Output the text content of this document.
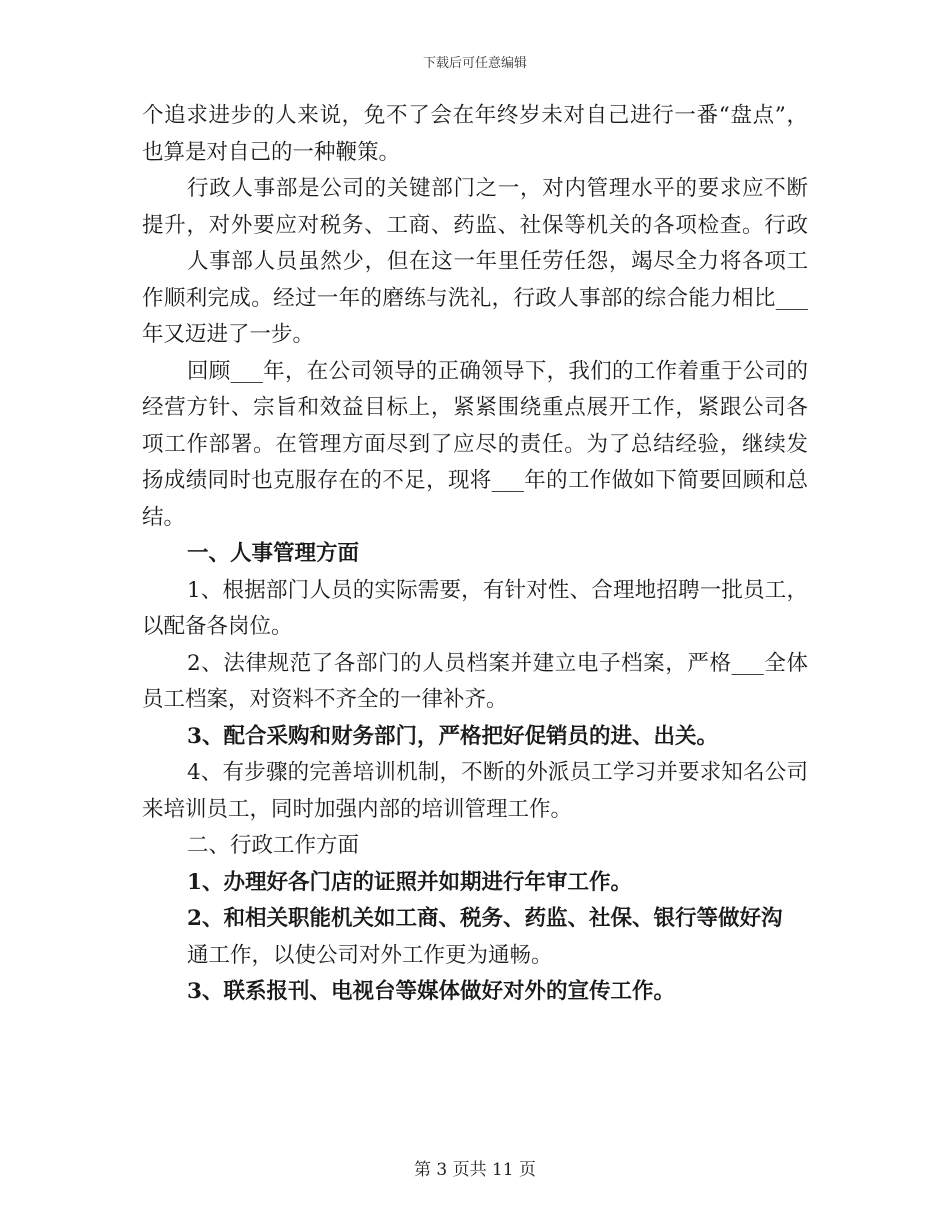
下载后可任意编辑
个追求进步的人来说，免不了会在年终岁未对自己进行一番“盘点”，
也算是对自己的一种鞭策。
行政人事部是公司的关键部门之一，对内管理水平的要求应不断
提升，对外要应对税务、工商、药监、社保等机关的各项检查。行政
人事部人员虽然少，但在这一年里任劳任怨，竭尽全力将各项工
作顺利完成。经过一年的磨练与洗礼，行政人事部的综合能力相比___
年又迈进了一步。
回顾___年，在公司领导的正确领导下，我们的工作着重于公司的
经营方针、宗旨和效益目标上，紧紧围绕重点展开工作，紧跟公司各
项工作部署。在管理方面尽到了应尽的责任。为了总结经验，继续发
扬成绩同时也克服存在的不足，现将___年的工作做如下简要回顾和总
结。
一、人事管理方面
1、根据部门人员的实际需要，有针对性、合理地招聘一批员工，
以配备各岗位。
2、法律规范了各部门的人员档案并建立电子档案，严格___全体
员工档案，对资料不齐全的一律补齐。
3、配合采购和财务部门，严格把好促销员的进、出关。
4、有步骤的完善培训机制，不断的外派员工学习并要求知名公司
来培训员工，同时加强内部的培训管理工作。
二、行政工作方面
1、办理好各门店的证照并如期进行年审工作。
2、和相关职能机关如工商、税务、药监、社保、银行等做好沟
通工作，以使公司对外工作更为通畅。
3、联系报刊、电视台等媒体做好对外的宣传工作。
第 3 页共 11 页
